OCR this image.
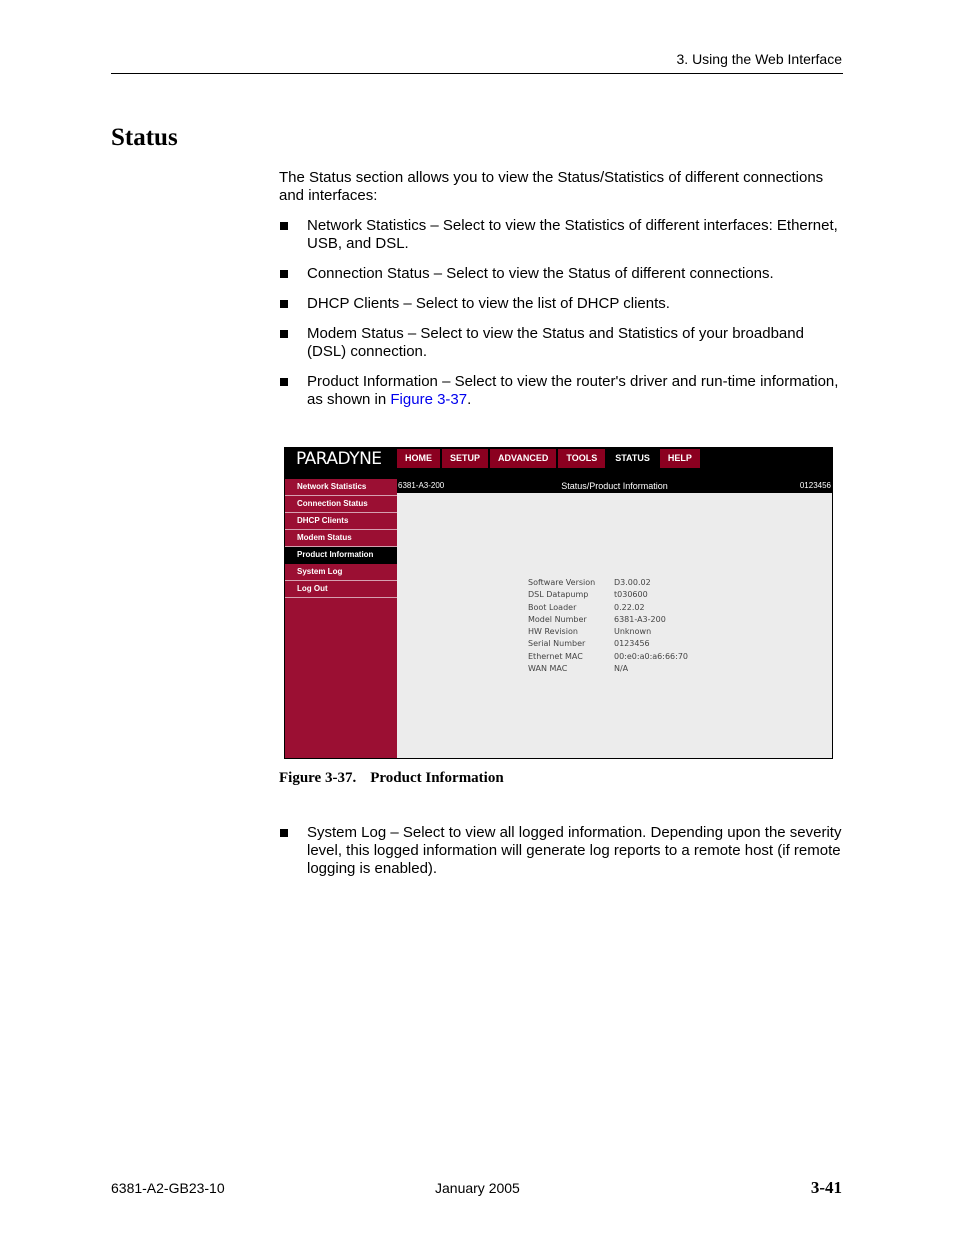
3. Using the Web Interface
Status
The Status section allows you to view the Status/Statistics of different connections and interfaces:
Network Statistics – Select to view the Statistics of different interfaces: Ethernet, USB, and DSL.
Connection Status – Select to view the Status of different connections.
DHCP Clients – Select to view the list of DHCP clients.
Modem Status – Select to view the Status and Statistics of your broadband (DSL) connection.
Product Information – Select to view the router's driver and run-time information, as shown in Figure 3-37.
PARADYNE	HOME	SETUP	ADVANCED	TOOLS	STATUS	HELP
Network Statistics
Connection Status
DHCP Clients
Modem Status
Product Information
System Log
Log Out
6381-A3-200	Status/Product Information	0123456
Software Version	D3.00.02
DSL Datapump	t030600
Boot Loader	0.22.02
Model Number	6381-A3-200
HW Revision	Unknown
Serial Number	0123456
Ethernet MAC	00:e0:a0:a6:66:70
WAN MAC	N/A
Figure 3-37. Product Information
System Log – Select to view all logged information. Depending upon the severity level, this logged information will generate log reports to a remote host (if remote logging is enabled).
6381-A2-GB23-10	January 2005	3-41
